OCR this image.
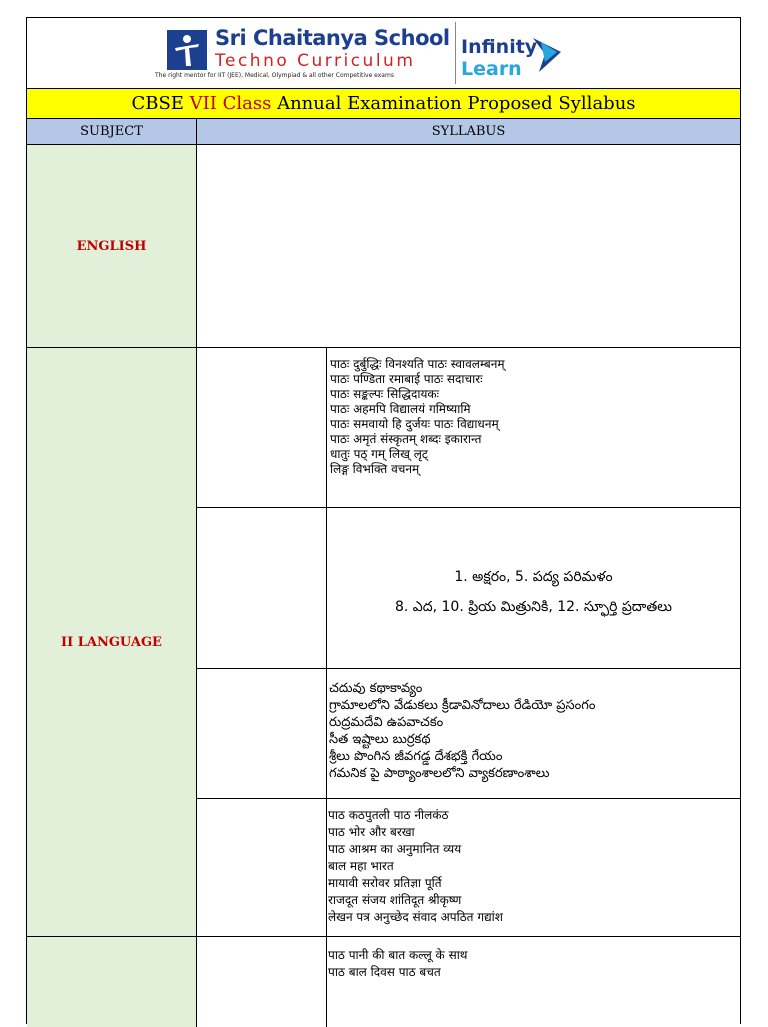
Sri Chaitanya School
Techno Curriculum
The right mentor for IIT (JEE), Medical, Olympiad & all other Competitive exams
Infinity
Learn
CBSE VII Class Annual Examination Proposed Syllabus
SUBJECT	SYLLABUS
ENGLISH
II LANGUAGE
पाठः दुर्बुद्धिः विनश्यति पाठः स्वावलम्बनम्
पाठः पण्डिता रमाबाई पाठः सदाचारः
पाठः सङ्कल्पः सिद्धिदायकः
पाठः अहमपि विद्यालयं गमिष्यामि
पाठः समवायो हि दुर्जयः पाठः विद्याधनम्
पाठः अमृतं संस्कृतम् शब्दः इकारान्त
धातुः पठ् गम् लिख् लृट्
लिङ्ग विभक्ति वचनम्
1. అక్షరం, 5. పద్య పరిమళం
8. ఎద, 10. ప్రియ మిత్రునికి, 12. స్ఫూర్తి ప్రదాతలు
చదువు కథాకావ్యం
గ్రామాలలోని వేడుకలు క్రీడావినోదాలు రేడియో ప్రసంగం
రుద్రమదేవి ఉపవాచకం
సీత ఇష్టాలు బుర్రకథ
శ్రీలు పొంగిన జీవగడ్డ దేశభక్తి గేయం
గమనిక పై పాఠ్యాంశాలలోని వ్యాకరణాంశాలు
पाठ कठपुतली पाठ नीलकंठ
पाठ भोर और बरखा
पाठ आश्रम का अनुमानित व्यय
बाल महा भारत
मायावी सरोवर प्रतिज्ञा पूर्ति
राजदूत संजय शांतिदूत श्रीकृष्ण
लेखन पत्र अनुच्छेद संवाद अपठित गद्यांश
पाठ पानी की बात कल्लू के साथ
पाठ बाल दिवस पाठ बचत
